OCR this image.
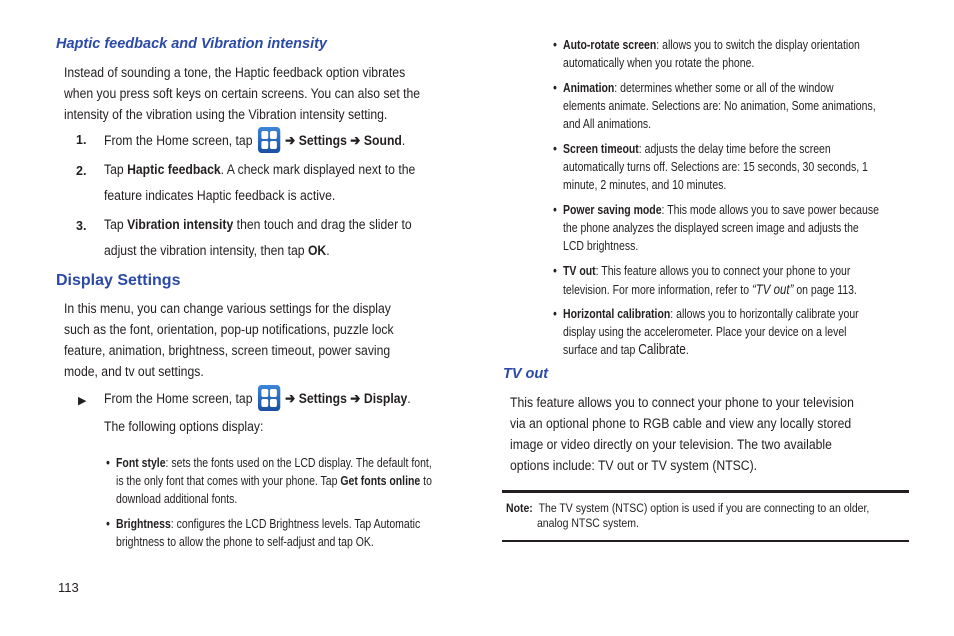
Haptic feedback and Vibration intensity
Instead of sounding a tone, the Haptic feedback option vibrates
when you press soft keys on certain screens. You can also set the
intensity of the vibration using the Vibration intensity setting.
1. From the Home screen, tap ➔ Settings ➔ Sound.
2. Tap Haptic feedback. A check mark displayed next to the
feature indicates Haptic feedback is active.
3. Tap Vibration intensity then touch and drag the slider to
adjust the vibration intensity, then tap OK.
Display Settings
In this menu, you can change various settings for the display
such as the font, orientation, pop-up notifications, puzzle lock
feature, animation, brightness, screen timeout, power saving
mode, and tv out settings.
▶ From the Home screen, tap ➔ Settings ➔ Display.
The following options display:
• Font style: sets the fonts used on the LCD display. The default font,
is the only font that comes with your phone. Tap Get fonts online to
download additional fonts.
• Brightness: configures the LCD Brightness levels. Tap Automatic
brightness to allow the phone to self-adjust and tap OK.
113
• Auto-rotate screen: allows you to switch the display orientation
automatically when you rotate the phone.
• Animation: determines whether some or all of the window
elements animate. Selections are: No animation, Some animations,
and All animations.
• Screen timeout: adjusts the delay time before the screen
automatically turns off. Selections are: 15 seconds, 30 seconds, 1
minute, 2 minutes, and 10 minutes.
• Power saving mode: This mode allows you to save power because
the phone analyzes the displayed screen image and adjusts the
LCD brightness.
• TV out: This feature allows you to connect your phone to your
television. For more information, refer to “TV out” on page 113.
• Horizontal calibration: allows you to horizontally calibrate your
display using the accelerometer. Place your device on a level
surface and tap Calibrate.
TV out
This feature allows you to connect your phone to your television
via an optional phone to RGB cable and view any locally stored
image or video directly on your television. The two available
options include: TV out or TV system (NTSC).
Note: The TV system (NTSC) option is used if you are connecting to an older,
analog NTSC system.
